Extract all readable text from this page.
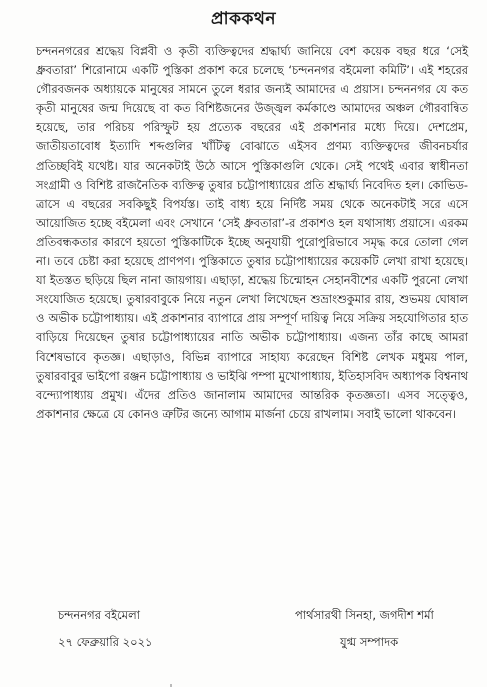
প্রাককথন

চন্দননগরের শ্রদ্ধেয় বিপ্লবী ও কৃতী ব্যক্তিত্বদের শ্রদ্ধার্ঘ্য জানিয়ে বেশ কয়েক বছর ধরে ‘সেই ধ্রুবতারা’ শিরোনামে একটি পুস্তিকা প্রকাশ করে চলেছে ‘চন্দননগর বইমেলা কমিটি’। এই শহরের গৌরবজনক অধ্যায়কে মানুষের সামনে তুলে ধরার জন্যই আমাদের এ প্রয়াস। চন্দননগর যে কত কৃতী মানুষের জন্ম দিয়েছে বা কত বিশিষ্টজনের উজ্জ্বল কর্মকাণ্ডে আমাদের অঞ্চল গৌরবান্বিত হয়েছে, তার পরিচয় পরিস্ফুট হয় প্রত্যেক বছরের এই প্রকাশনার মধ্যে দিয়ে। দেশপ্রেম, জাতীয়তাবোধ ইত্যাদি শব্দগুলির খাঁটিত্ব বোঝাতে এইসব প্রণম্য ব্যক্তিত্বদের জীবনচর্যার প্রতিচ্ছবিই যথেষ্ট। যার অনেকটাই উঠে আসে পুস্তিকাগুলি থেকে। সেই পথেই এবার স্বাধীনতা সংগ্রামী ও বিশিষ্ট রাজনৈতিক ব্যক্তিত্ব তুষার চট্টোপাধ্যায়ের প্রতি শ্রদ্ধার্ঘ্য নিবেদিত হল। কোভিড-ত্রাসে এ বছরের সবকিছুই বিপর্যস্ত। তাই বাধ্য হয়ে নির্দিষ্ট সময় থেকে অনেকটাই সরে এসে আয়োজিত হচ্ছে বইমেলা এবং সেখানে ‘সেই ধ্রুবতারা’-র প্রকাশও হল যথাসাধ্য প্রয়াসে। এরকম প্রতিবন্ধকতার কারণে হয়তো পুস্তিকাটিকে ইচ্ছে অনুযায়ী পুরোপুরিভাবে সমৃদ্ধ করে তোলা গেল না। তবে চেষ্টা করা হয়েছে প্রাণপণ। পুস্তিকাতে তুষার চট্টোপাধ্যায়ের কয়েকটি লেখা রাখা হয়েছে। যা ইতস্তত ছড়িয়ে ছিল নানা জায়গায়। এছাড়া, শ্রদ্ধেয় চিন্মোহন সেহানবীশের একটি পুরনো লেখা সংযোজিত হয়েছে। তুষারবাবুকে নিয়ে নতুন লেখা লিখেছেন শুভ্রাংশুকুমার রায়, শুভময় ঘোষাল ও অভীক চট্টোপাধ্যায়। এই প্রকাশনার ব্যাপারে প্রায় সম্পূর্ণ দায়িত্ব নিয়ে সক্রিয় সহযোগিতার হাত বাড়িয়ে দিয়েছেন তুষার চট্টোপাধ্যায়ের নাতি অভীক চট্টোপাধ্যায়। এজন্য তাঁর কাছে আমরা বিশেষভাবে কৃতজ্ঞ। এছাড়াও, বিভিন্ন ব্যাপারে সাহায্য করেছেন বিশিষ্ট লেখক মধুময় পাল, তুষারবাবুর ভাইপো রঞ্জন চট্টোপাধ্যায় ও ভাইঝি পম্পা মুখোপাধ্যায়, ইতিহাসবিদ অধ্যাপক বিশ্বনাথ বন্দ্যোপাধ্যায় প্রমুখ। এঁদের প্রতিও জানালাম আমাদের আন্তরিক কৃতজ্ঞতা। এসব সত্ত্বেও, প্রকাশনার ক্ষেত্রে যে কোনও ত্রুটির জন্যে আগাম মার্জনা চেয়ে রাখলাম। সবাই ভালো থাকবেন।

চন্দননগর বইমেলা
২৭ ফেব্রুয়ারি ২০২১
পার্থসারথী সিনহা, জগদীশ শর্মা
যুগ্ম সম্পাদক
